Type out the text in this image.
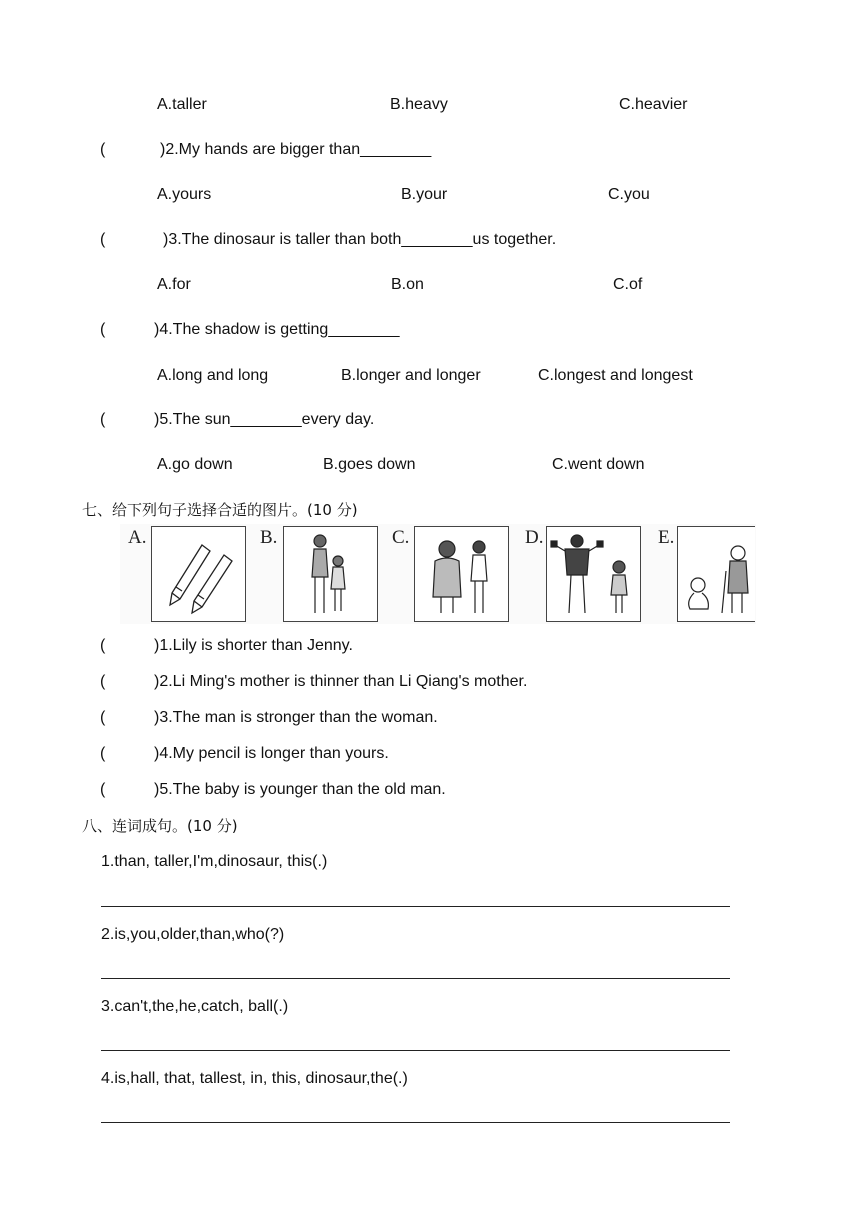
A.taller	B.heavy	C.heavier
(	)2.My hands are bigger than________
A.yours	B.your	C.you
(	)3.The dinosaur is taller than both________us together.
A.for	B.on	C.of
(	)4.The shadow is getting________
A.long and long	B.longer and longer	C.longest and longest
(	)5.The sun________every day.
A.go down	B.goes down	C.went down
七、给下列句子选择合适的图片。(10 分)
A.	B.	C.	D.	E.
(	)1.Lily is shorter than Jenny.
(	)2.Li Ming's mother is thinner than Li Qiang's mother.
(	)3.The man is stronger than the woman.
(	)4.My pencil is longer than yours.
(	)5.The baby is younger than the old man.
八、连词成句。(10 分)
1.than, taller,I'm,dinosaur, this(.)
2.is,you,older,than,who(?)
3.can't,the,he,catch, ball(.)
4.is,hall, that, tallest, in, this, dinosaur,the(.)
